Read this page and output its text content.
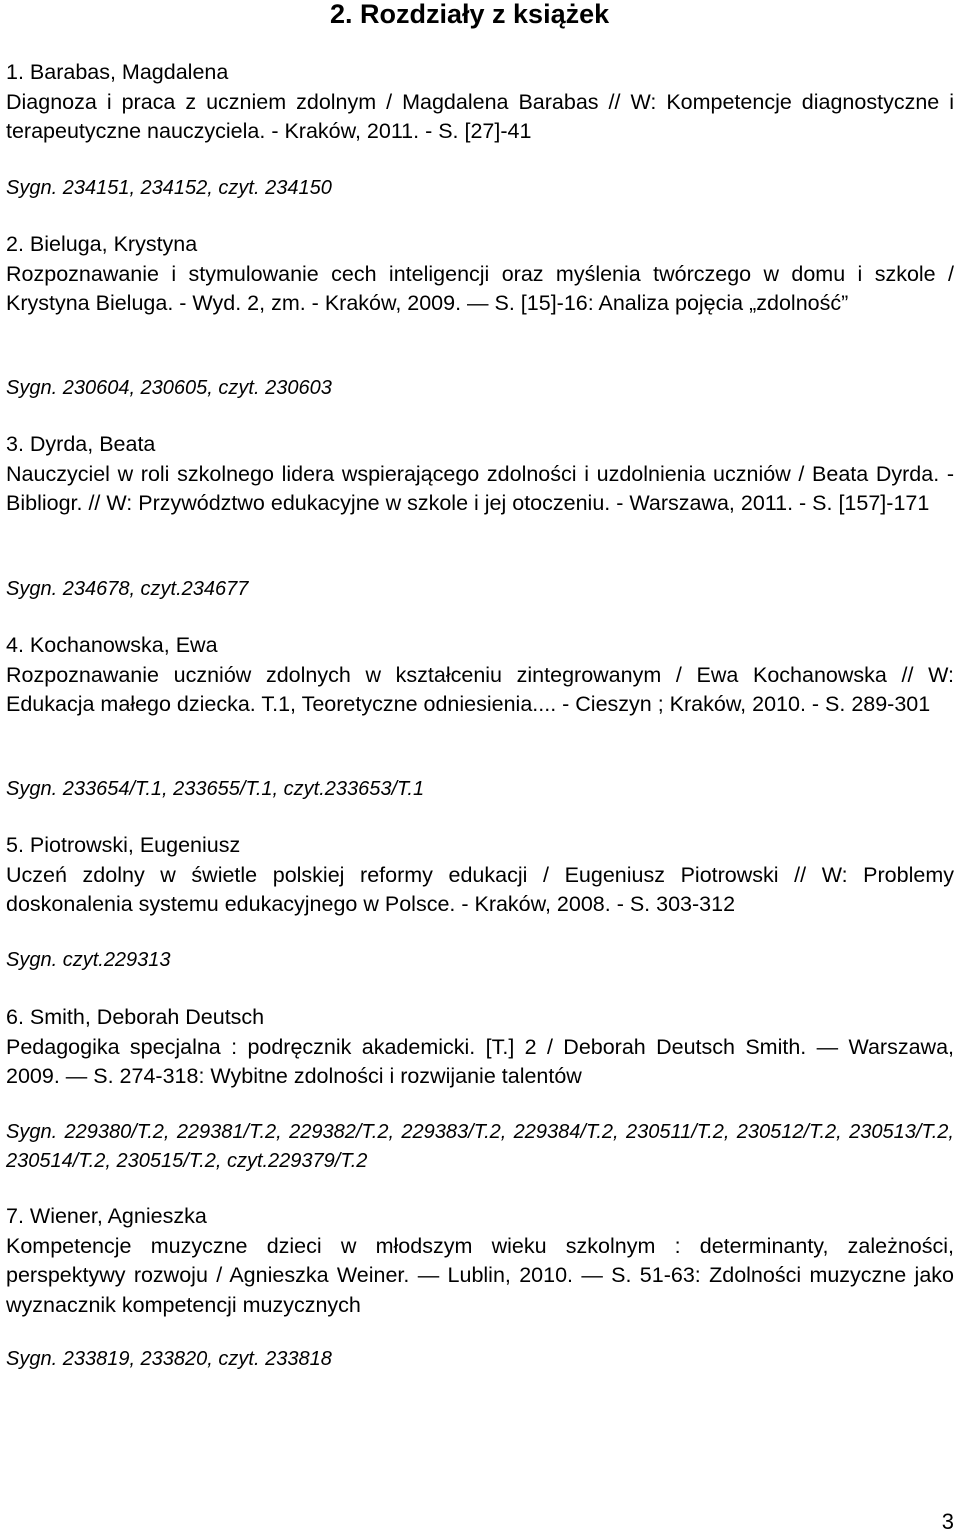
2. Rozdziały z książek
1. Barabas, Magdalena
Diagnoza i praca z uczniem zdolnym / Magdalena Barabas // W: Kompetencje diagnostyczne i terapeutyczne nauczyciela. - Kraków, 2011. - S. [27]-41
Sygn. 234151, 234152, czyt. 234150
2. Bieluga, Krystyna
Rozpoznawanie i stymulowanie cech inteligencji oraz myślenia twórczego w domu i szkole / Krystyna Bieluga. - Wyd. 2, zm. - Kraków, 2009. — S. [15]-16: Analiza pojęcia „zdolność”
Sygn. 230604, 230605, czyt. 230603
3. Dyrda, Beata
Nauczyciel w roli szkolnego lidera wspierającego zdolności i uzdolnienia uczniów / Beata Dyrda. - Bibliogr. // W: Przywództwo edukacyjne w szkole i jej otoczeniu. - Warszawa, 2011. - S. [157]-171
Sygn. 234678, czyt.234677
4. Kochanowska, Ewa
Rozpoznawanie uczniów zdolnych w kształceniu zintegrowanym / Ewa Kochanowska // W: Edukacja małego dziecka. T.1, Teoretyczne odniesienia.... - Cieszyn ; Kraków, 2010. - S. 289-301
Sygn. 233654/T.1, 233655/T.1, czyt.233653/T.1
5. Piotrowski, Eugeniusz
Uczeń zdolny w świetle polskiej reformy edukacji / Eugeniusz Piotrowski // W: Problemy doskonalenia systemu edukacyjnego w Polsce. - Kraków, 2008. - S. 303-312
Sygn. czyt.229313
6. Smith, Deborah Deutsch
Pedagogika specjalna : podręcznik akademicki. [T.] 2 / Deborah Deutsch Smith. — Warszawa, 2009. — S. 274-318: Wybitne zdolności i rozwijanie talentów
Sygn. 229380/T.2, 229381/T.2, 229382/T.2, 229383/T.2, 229384/T.2, 230511/T.2, 230512/T.2, 230513/T.2, 230514/T.2, 230515/T.2, czyt.229379/T.2
7. Wiener, Agnieszka
Kompetencje muzyczne dzieci w młodszym wieku szkolnym : determinanty, zależności, perspektywy rozwoju / Agnieszka Weiner. — Lublin, 2010. — S. 51-63: Zdolności muzyczne jako wyznacznik kompetencji muzycznych
Sygn. 233819, 233820, czyt. 233818
3
